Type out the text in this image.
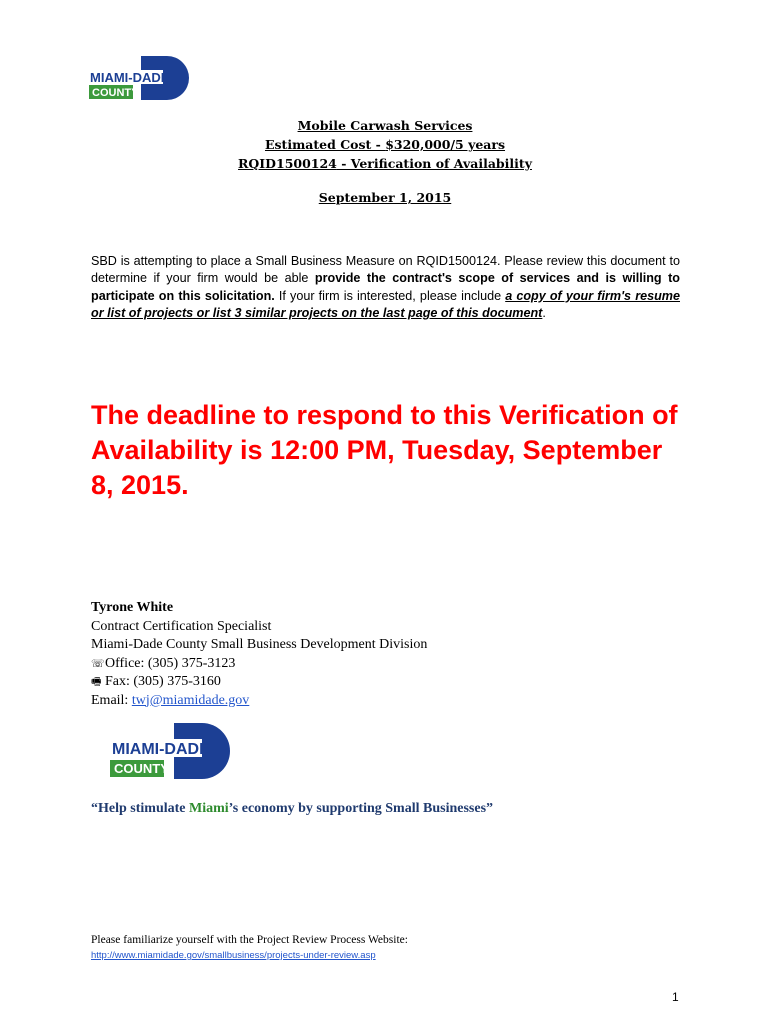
MIAMI-DADE
COUNTY
Mobile Carwash Services
Estimated Cost - $320,000/5 years
RQID1500124 - Verification of Availability
September 1, 2015
SBD is attempting to place a Small Business Measure on RQID1500124. Please review this document to determine if your firm would be able provide the contract's scope of services and is willing to participate on this solicitation. If your firm is interested, please include a copy of your firm's resume or list of projects or list 3 similar projects on the last page of this document.
The deadline to respond to this Verification of Availability is 12:00 PM, Tuesday, September 8, 2015.
Tyrone White
Contract Certification Specialist
Miami-Dade County Small Business Development Division
☏Office: (305) 375-3123
🖷 Fax: (305) 375-3160
Email: twj@miamidade.gov
MIAMI-DADE
COUNTY
“Help stimulate Miami’s economy by supporting Small Businesses”
Please familiarize yourself with the Project Review Process Website:
http://www.miamidade.gov/smallbusiness/projects-under-review.asp
1
